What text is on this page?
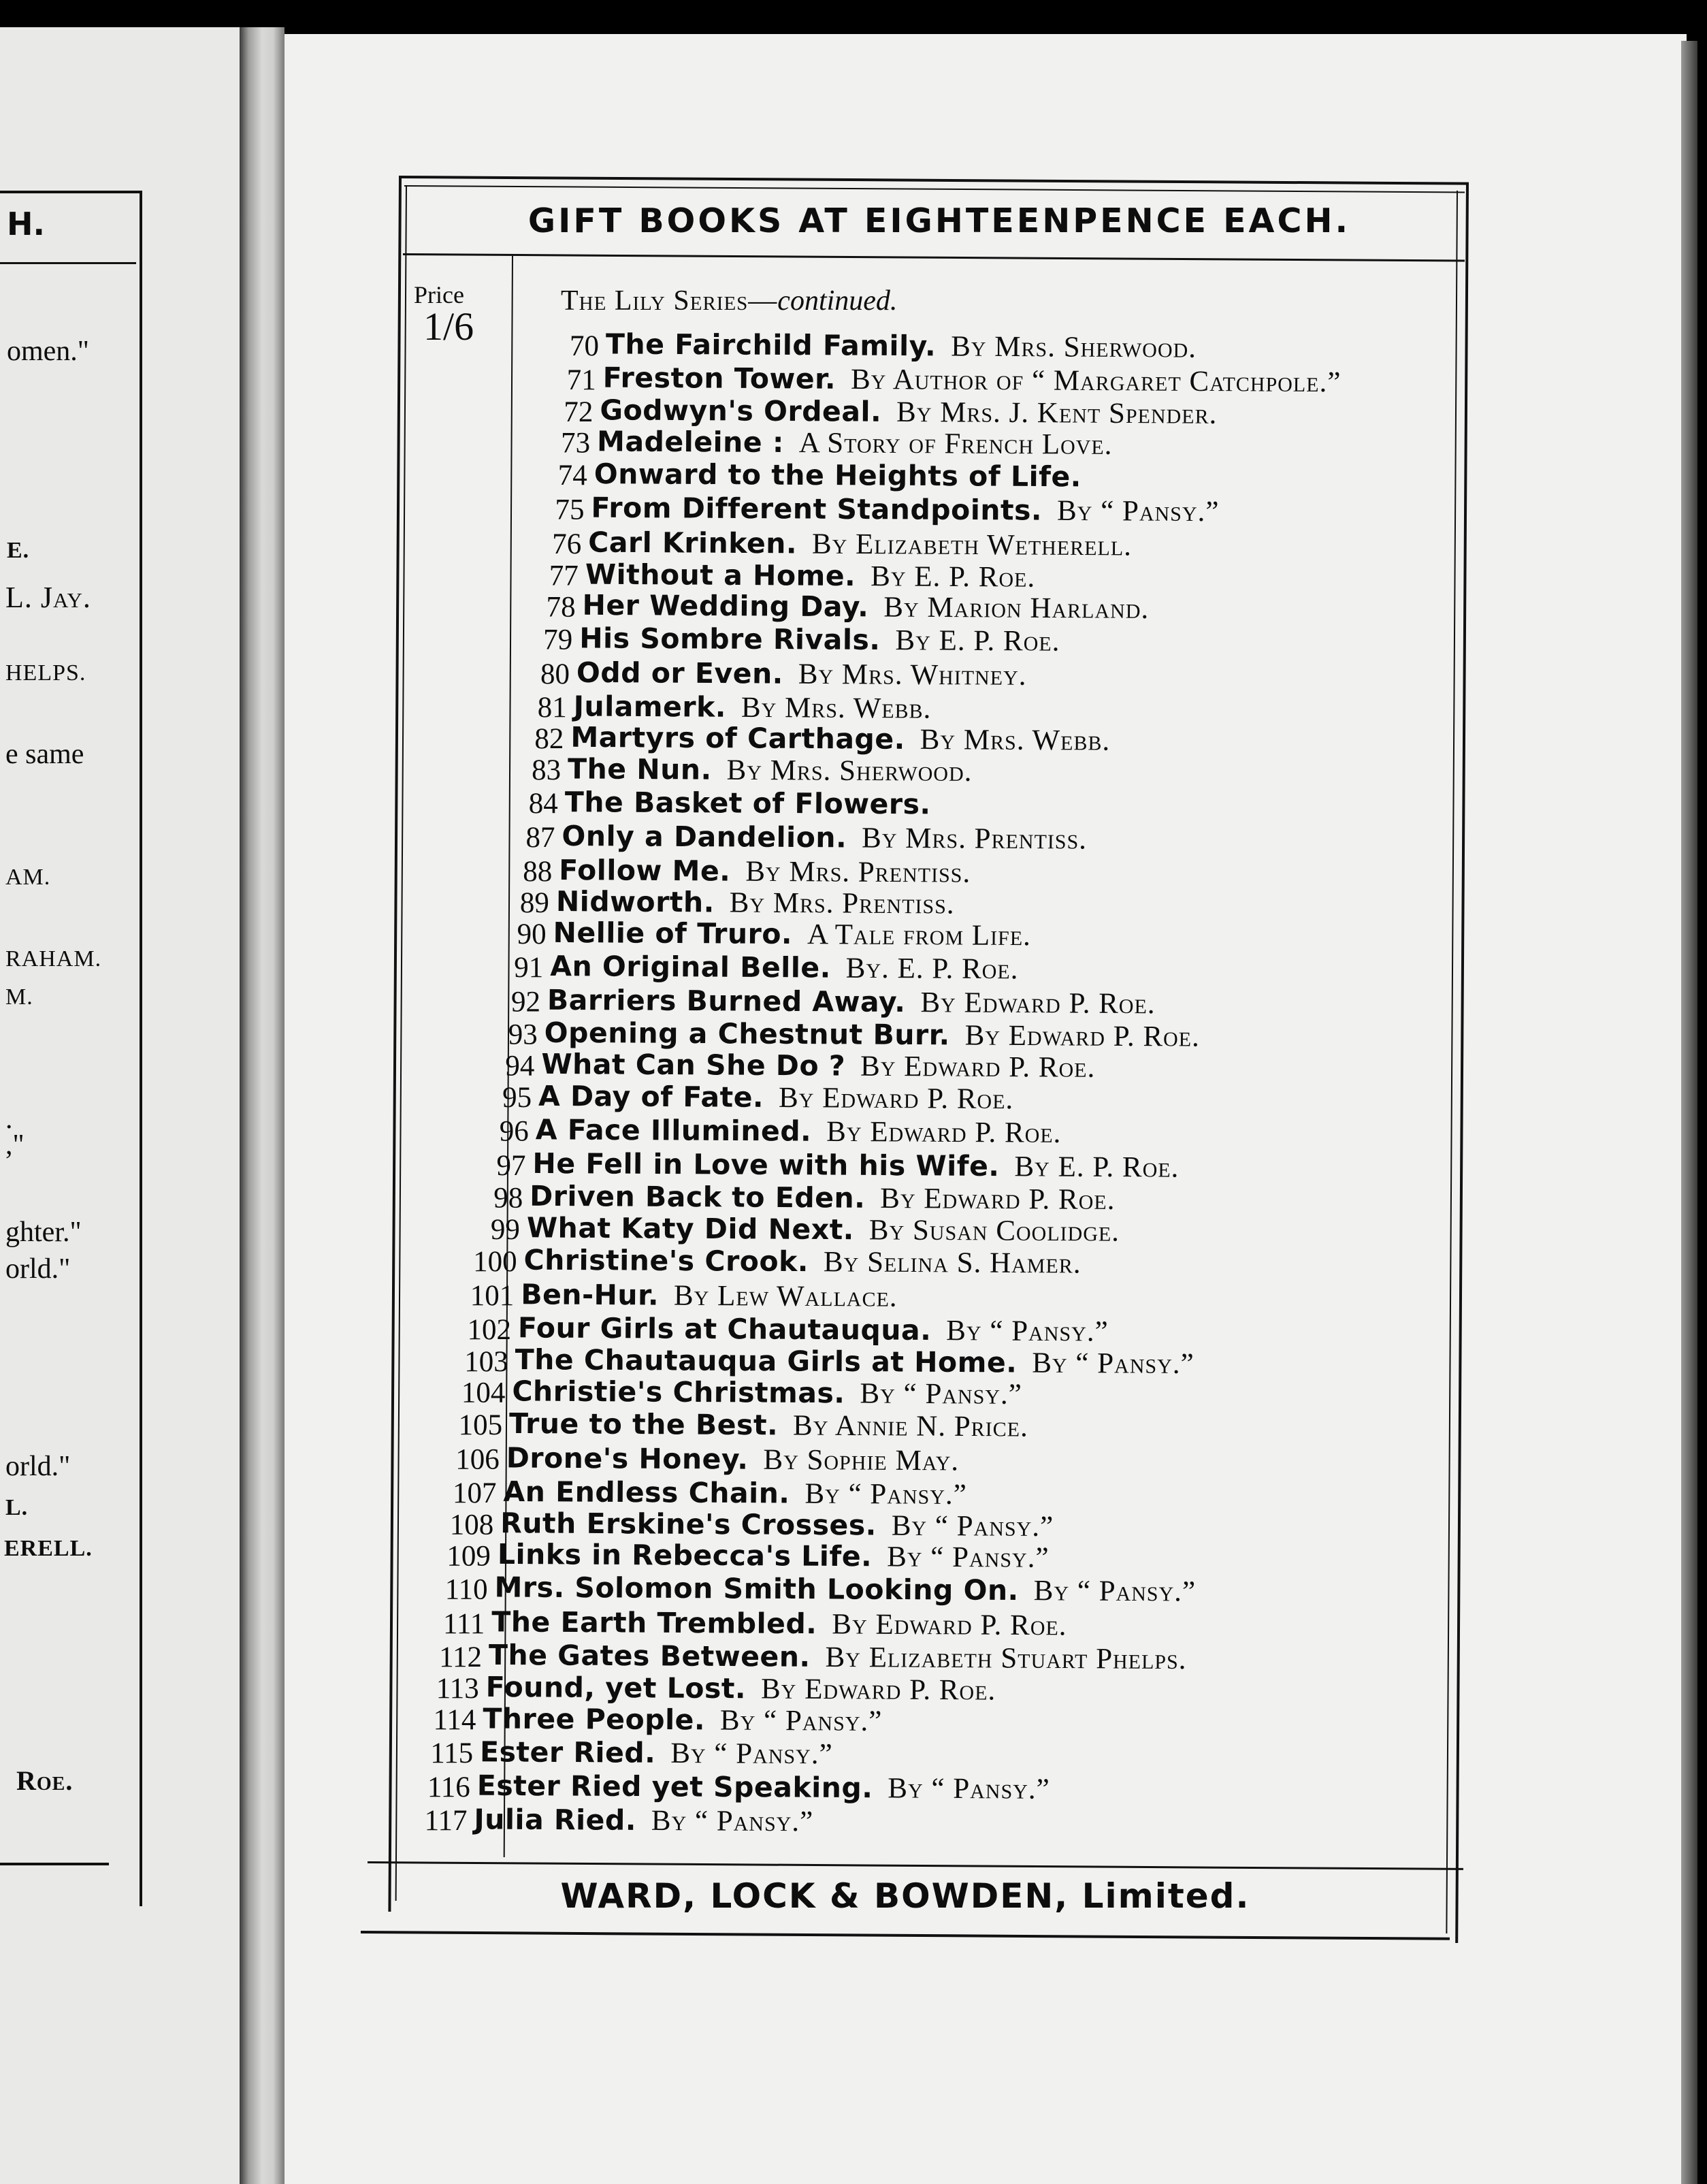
H.
omen."
E.
L. Jay.
HELPS.
e same
AM.
RAHAM.
M.
.
,"
ghter."
orld."
orld."
L.
ERELL.
Roe.
GIFT BOOKS AT EIGHTEENPENCE EACH.
Price
1/6
The Lily Series—continued.
70 The Fairchild Family. By Mrs. Sherwood.
71 Freston Tower. By Author of “ Margaret Catchpole.”
72 Godwyn's Ordeal. By Mrs. J. Kent Spender.
73 Madeleine : A Story of French Love.
74 Onward to the Heights of Life.
75 From Different Standpoints. By “ Pansy.”
76 Carl Krinken. By Elizabeth Wetherell.
77 Without a Home. By E. P. Roe.
78 Her Wedding Day. By Marion Harland.
79 His Sombre Rivals. By E. P. Roe.
80 Odd or Even. By Mrs. Whitney.
81 Julamerk. By Mrs. Webb.
82 Martyrs of Carthage. By Mrs. Webb.
83 The Nun. By Mrs. Sherwood.
84 The Basket of Flowers.
87 Only a Dandelion. By Mrs. Prentiss.
88 Follow Me. By Mrs. Prentiss.
89 Nidworth. By Mrs. Prentiss.
90 Nellie of Truro. A Tale from Life.
91 An Original Belle. By. E. P. Roe.
92 Barriers Burned Away. By Edward P. Roe.
93 Opening a Chestnut Burr. By Edward P. Roe.
94 What Can She Do ? By Edward P. Roe.
95 A Day of Fate. By Edward P. Roe.
96 A Face Illumined. By Edward P. Roe.
97 He Fell in Love with his Wife. By E. P. Roe.
98 Driven Back to Eden. By Edward P. Roe.
99 What Katy Did Next. By Susan Coolidge.
100 Christine's Crook. By Selina S. Hamer.
101 Ben-Hur. By Lew Wallace.
102 Four Girls at Chautauqua. By “ Pansy.”
103 The Chautauqua Girls at Home. By “ Pansy.”
104 Christie's Christmas. By “ Pansy.”
105 True to the Best. By Annie N. Price.
106 Drone's Honey. By Sophie May.
107 An Endless Chain. By “ Pansy.”
108 Ruth Erskine's Crosses. By “ Pansy.”
109 Links in Rebecca's Life. By “ Pansy.”
110 Mrs. Solomon Smith Looking On. By “ Pansy.”
111 The Earth Trembled. By Edward P. Roe.
112 The Gates Between. By Elizabeth Stuart Phelps.
113 Found, yet Lost. By Edward P. Roe.
114 Three People. By “ Pansy.”
115 Ester Ried. By “ Pansy.”
116 Ester Ried yet Speaking. By “ Pansy.”
117 Julia Ried. By “ Pansy.”
WARD, LOCK & BOWDEN, Limited.
